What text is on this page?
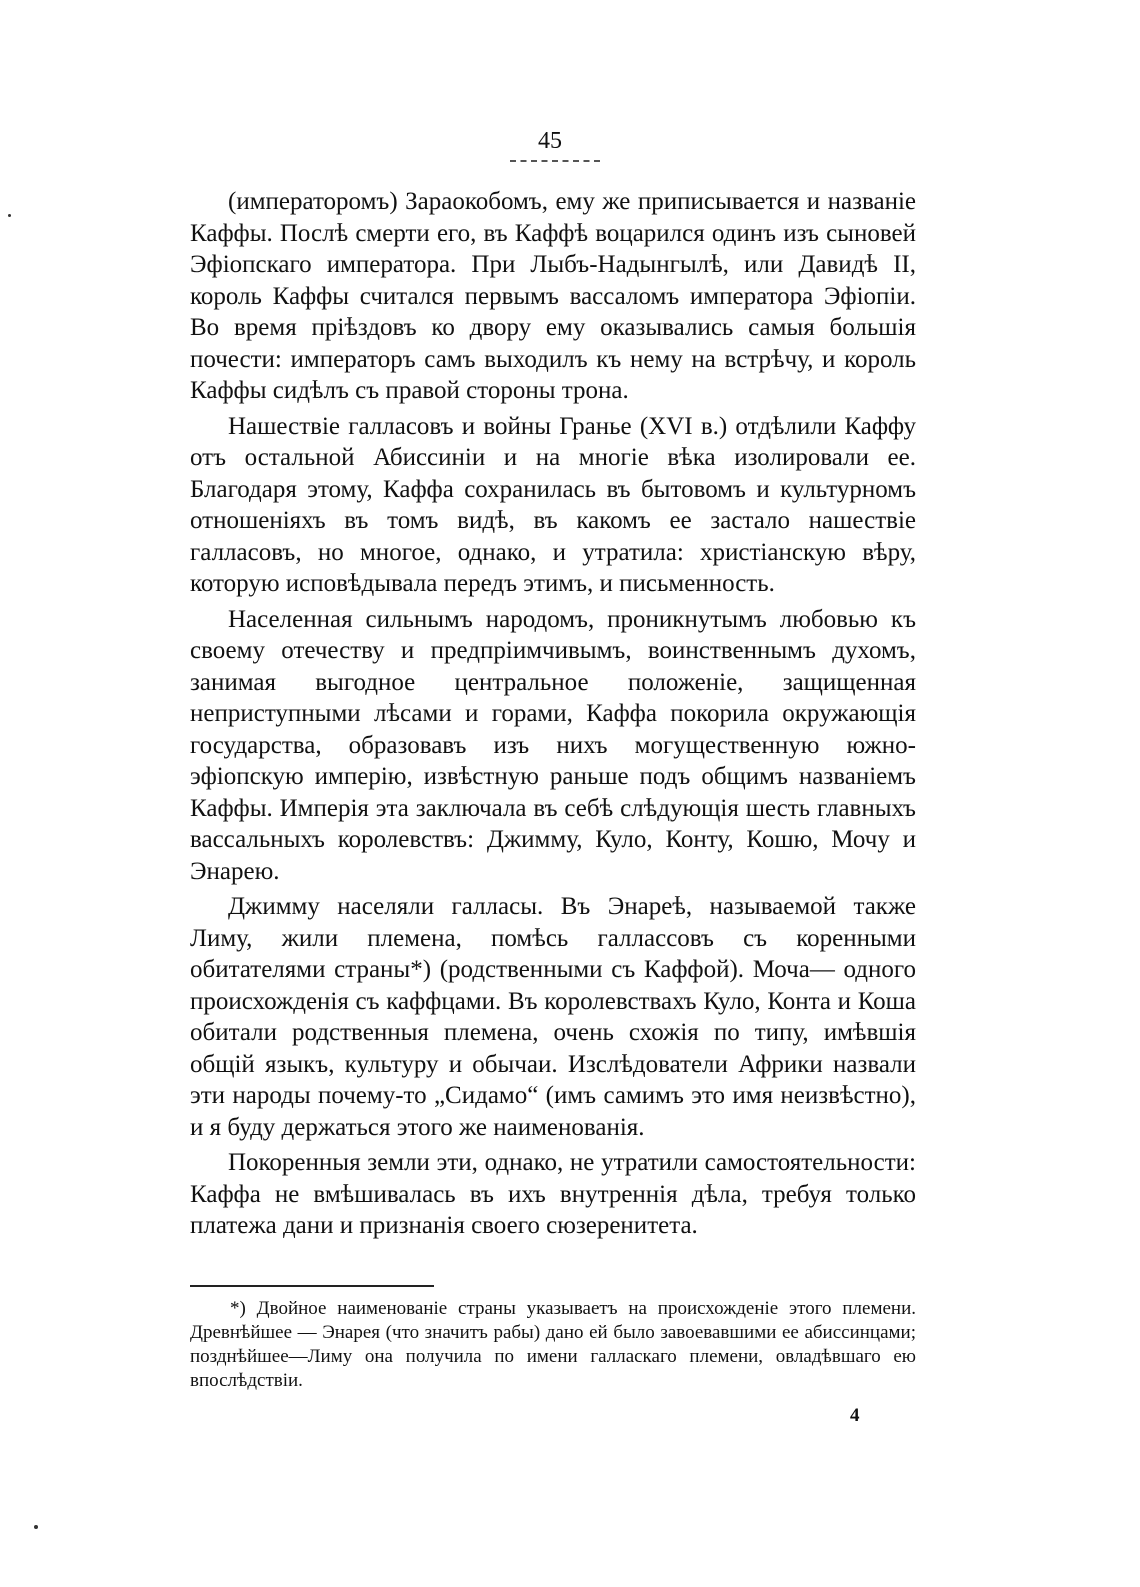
45

(императоромъ) Зараокобомъ, ему же приписывается и названіе Каффы. Послѣ смерти его, въ Каффѣ воцарился одинъ изъ сыновей Эфіопскаго императора. При Лыбъ-Надынгылѣ, или Давидѣ II, король Каффы считался первымъ вассаломъ императора Эфіопіи. Во время пріѣздовъ ко двору ему оказывались самыя большія почести: императоръ самъ выходилъ къ нему на встрѣчу, и король Каффы сидѣлъ съ правой стороны трона.

Нашествіе галласовъ и войны Гранье (XVI в.) отдѣлили Каффу отъ остальной Абиссиніи и на многіе вѣка изолировали ее. Благодаря этому, Каффа сохранилась въ бытовомъ и культурномъ отношеніяхъ въ томъ видѣ, въ какомъ ее застало нашествіе галласовъ, но многое, однако, и утратила: христіанскую вѣру, которую исповѣдывала передъ этимъ, и письменность.

Населенная сильнымъ народомъ, проникнутымъ любовью къ своему отечеству и предпріимчивымъ, воинственнымъ духомъ, занимая выгодное центральное положеніе, защищенная неприступными лѣсами и горами, Каффа покорила окружающія государства, образовавъ изъ нихъ могущественную южно-эфіопскую имперію, извѣстную раньше подъ общимъ названіемъ Каффы. Имперія эта заключала въ себѣ слѣдующія шесть главныхъ вассальныхъ королевствъ: Джимму, Куло, Конту, Кошю, Мочу и Энарею.

Джимму населяли галласы. Въ Энареѣ, называемой также Лиму, жили племена, помѣсь галлассовъ съ коренными обитателями страны*) (родственными съ Каффой). Моча— одного происхожденія съ каффцами. Въ королевствахъ Куло, Конта и Коша обитали родственныя племена, очень схожія по типу, имѣвшія общій языкъ, культуру и обычаи. Изслѣдователи Африки назвали эти народы почему-то „Сидамо“ (имъ самимъ это имя неизвѣстно), и я буду держаться этого же наименованія.

Покоренныя земли эти, однако, не утратили самостоятельности: Каффа не вмѣшивалась въ ихъ внутреннія дѣла, требуя только платежа дани и признанія своего сюзеренитета.

*) Двойное наименованіе страны указываетъ на происхожденіе этого племени. Древнѣйшее — Энарея (что значитъ рабы) дано ей было завоевавшими ее абиссинцами; позднѣйшее—Лиму она получила по имени галласкаго племени, овладѣвшаго ею впослѣдствіи.
4
